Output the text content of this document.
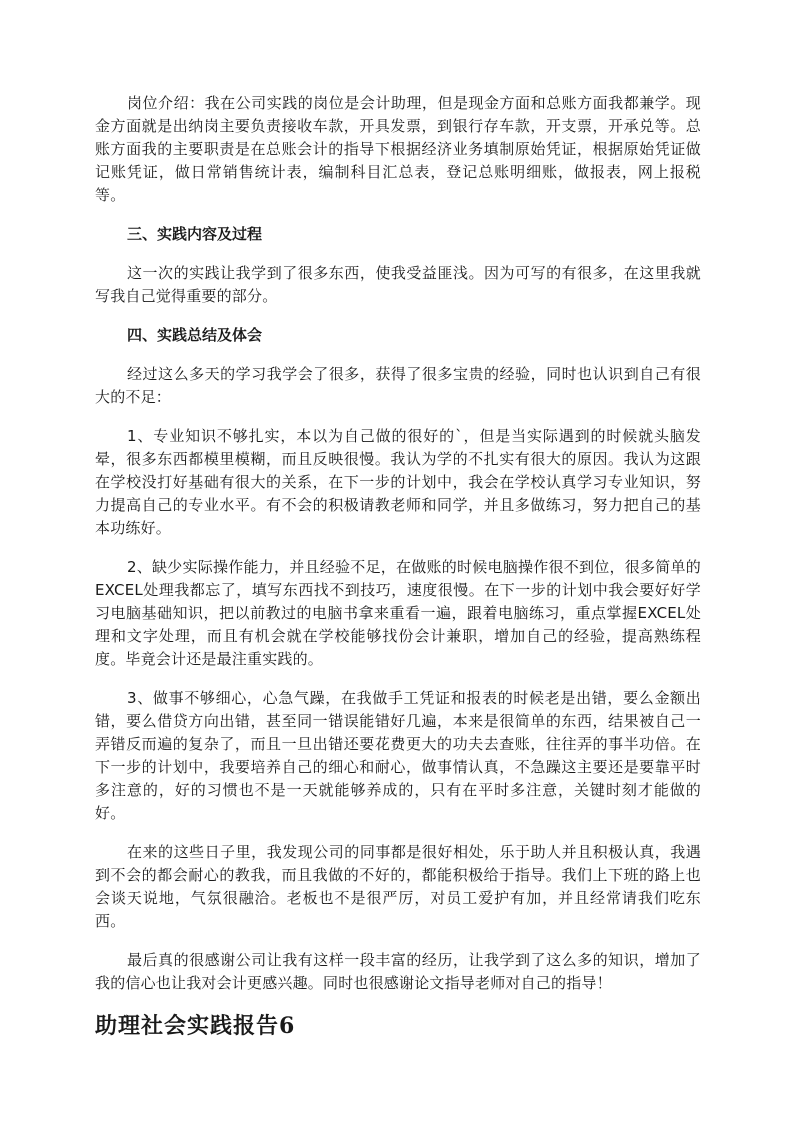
岗位介绍：我在公司实践的岗位是会计助理，但是现金方面和总账方面我都兼学。现金方面就是出纳岗主要负责接收车款，开具发票，到银行存车款，开支票，开承兑等。总账方面我的主要职责是在总账会计的指导下根据经济业务填制原始凭证，根据原始凭证做记账凭证，做日常销售统计表，编制科目汇总表，登记总账明细账，做报表，网上报税等。

三、实践内容及过程

这一次的实践让我学到了很多东西，使我受益匪浅。因为可写的有很多，在这里我就写我自己觉得重要的部分。

四、实践总结及体会

经过这么多天的学习我学会了很多，获得了很多宝贵的经验，同时也认识到自己有很大的不足：

1、专业知识不够扎实，本以为自己做的很好的`，但是当实际遇到的时候就头脑发晕，很多东西都模里模糊，而且反映很慢。我认为学的不扎实有很大的原因。我认为这跟在学校没打好基础有很大的关系，在下一步的计划中，我会在学校认真学习专业知识，努力提高自己的专业水平。有不会的积极请教老师和同学，并且多做练习，努力把自己的基本功练好。

2、缺少实际操作能力，并且经验不足，在做账的时候电脑操作很不到位，很多简单的EXCEL处理我都忘了，填写东西找不到技巧，速度很慢。在下一步的计划中我会要好好学习电脑基础知识，把以前教过的电脑书拿来重看一遍，跟着电脑练习，重点掌握EXCEL处理和文字处理，而且有机会就在学校能够找份会计兼职，增加自己的经验，提高熟练程度。毕竟会计还是最注重实践的。

3、做事不够细心，心急气躁，在我做手工凭证和报表的时候老是出错，要么金额出错，要么借贷方向出错，甚至同一错误能错好几遍，本来是很简单的东西，结果被自己一弄错反而遍的复杂了，而且一旦出错还要花费更大的功夫去查账，往往弄的事半功倍。在下一步的计划中，我要培养自己的细心和耐心，做事情认真，不急躁这主要还是要靠平时多注意的，好的习惯也不是一天就能够养成的，只有在平时多注意，关键时刻才能做的好。

在来的这些日子里，我发现公司的同事都是很好相处，乐于助人并且积极认真，我遇到不会的都会耐心的教我，而且我做的不好的，都能积极给于指导。我们上下班的路上也会谈天说地，气氛很融洽。老板也不是很严厉，对员工爱护有加，并且经常请我们吃东西。

最后真的很感谢公司让我有这样一段丰富的经历，让我学到了这么多的知识，增加了我的信心也让我对会计更感兴趣。同时也很感谢论文指导老师对自己的指导！

助理社会实践报告6
